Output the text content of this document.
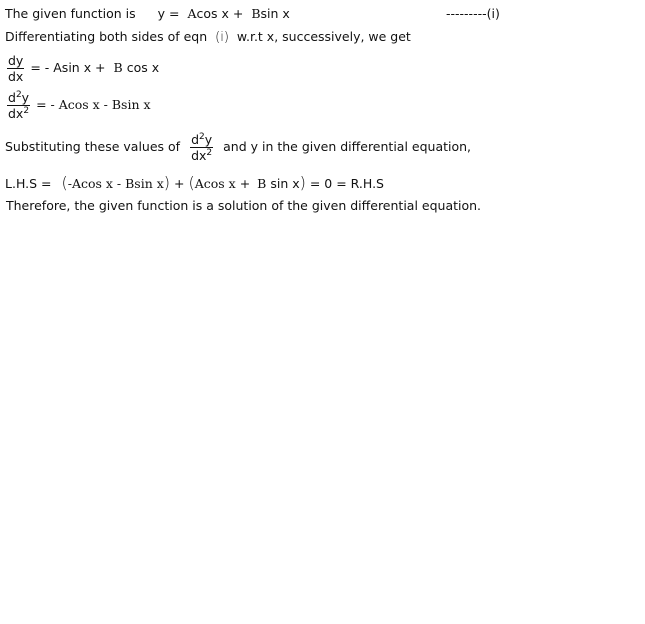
The given function is y = Acos x + Bsin x	---------(i)
Differentiating both sides of eqn (i) w.r.t x, successively, we get
$\frac{dy}{dx}$ = - Asin x + B cos x
$\frac{d^2y}{dx^2}$ = - Acos x - Bsin x
Substituting these values of $\frac{d^2y}{dx^2}$ and y in the given differential equation,
L.H.S = (-Acos x - Bsin x) + (Acos x + B sin x) = 0 = R.H.S
Therefore, the given function is a solution of the given differential equation.
